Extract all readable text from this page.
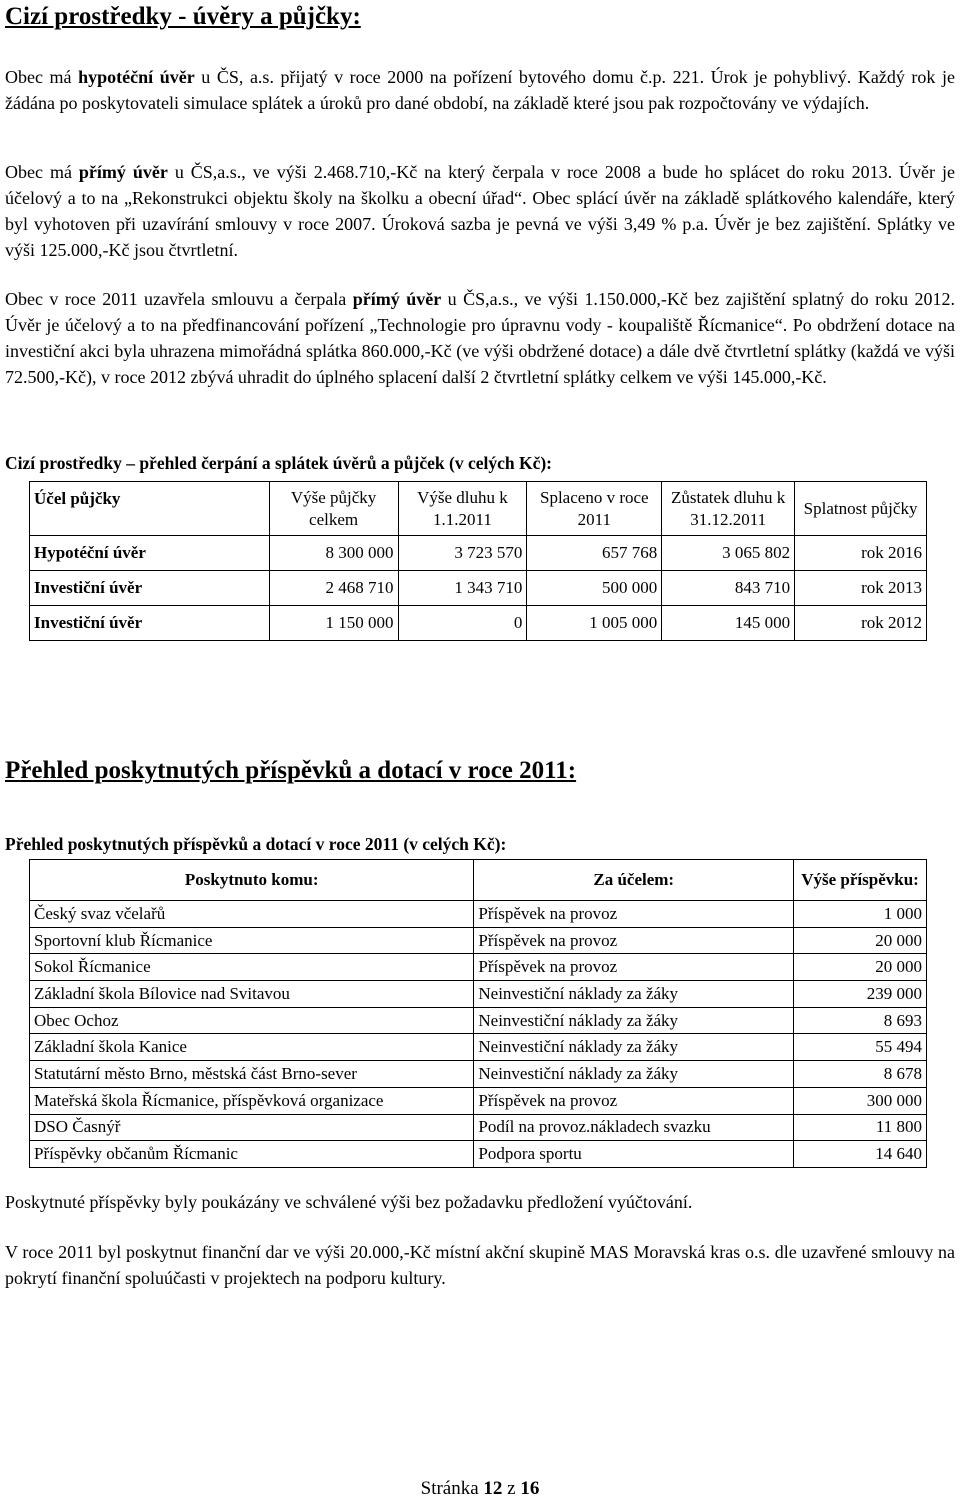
Cizí prostředky - úvěry a půjčky:

Obec má hypotéční úvěr u ČS, a.s. přijatý v roce 2000 na pořízení bytového domu č.p. 221. Úrok je pohyblivý. Každý rok je žádána po poskytovateli simulace splátek a úroků pro dané období, na základě které jsou pak rozpočtovány ve výdajích.

Obec má přímý úvěr u ČS,a.s., ve výši 2.468.710,-Kč na který čerpala v roce 2008 a bude ho splácet do roku 2013. Úvěr je účelový a to na „Rekonstrukci objektu školy na školku a obecní úřad“. Obec splácí úvěr na základě splátkového kalendáře, který byl vyhotoven při uzavírání smlouvy v roce 2007. Úroková sazba je pevná ve výši 3,49 % p.a. Úvěr je bez zajištění. Splátky ve výši 125.000,-Kč jsou čtvrtletní.

Obec v roce 2011 uzavřela smlouvu a čerpala přímý úvěr u ČS,a.s., ve výši 1.150.000,-Kč bez zajištění splatný do roku 2012. Úvěr je účelový a to na předfinancování pořízení „Technologie pro úpravnu vody - koupaliště Řícmanice“. Po obdržení dotace na investiční akci byla uhrazena mimořádná splátka 860.000,-Kč (ve výši obdržené dotace) a dále dvě čtvrtletní splátky (každá ve výši 72.500,-Kč), v roce 2012 zbývá uhradit do úplného splacení další 2 čtvrtletní splátky celkem ve výši 145.000,-Kč.

Cizí prostředky – přehled čerpání a splátek úvěrů a půjček (v celých Kč):
Účel půjčky	Výše půjčky celkem	Výše dluhu k 1.1.2011	Splaceno v roce 2011	Zůstatek dluhu k 31.12.2011	Splatnost půjčky
Hypotéční úvěr	8 300 000	3 723 570	657 768	3 065 802	rok 2016
Investiční úvěr	2 468 710	1 343 710	500 000	843 710	rok 2013
Investiční úvěr	1 150 000	0	1 005 000	145 000	rok 2012
Přehled poskytnutých příspěvků a dotací v roce 2011:
Přehled poskytnutých příspěvků a dotací v roce 2011 (v celých Kč):
Poskytnuto komu:	Za účelem:	Výše příspěvku:
Český svaz včelařů	Příspěvek na provoz	1 000
Sportovní klub Řícmanice	Příspěvek na provoz	20 000
Sokol Řícmanice	Příspěvek na provoz	20 000
Základní škola Bílovice nad Svitavou	Neinvestiční náklady za žáky	239 000
Obec Ochoz	Neinvestiční náklady za žáky	8 693
Základní škola Kanice	Neinvestiční náklady za žáky	55 494
Statutární město Brno, městská část Brno-sever	Neinvestiční náklady za žáky	8 678
Mateřská škola Řícmanice, příspěvková organizace	Příspěvek na provoz	300 000
DSO Časnýř	Podíl na provoz.nákladech svazku	11 800
Příspěvky občanům Řícmanic	Podpora sportu	14 640

Poskytnuté příspěvky byly poukázány ve schválené výši bez požadavku předložení vyúčtování.

V roce 2011 byl poskytnut finanční dar ve výši 20.000,-Kč místní akční skupině MAS Moravská kras o.s. dle uzavřené smlouvy na pokrytí finanční spoluúčasti v projektech na podporu kultury.

Stránka 12 z 16
